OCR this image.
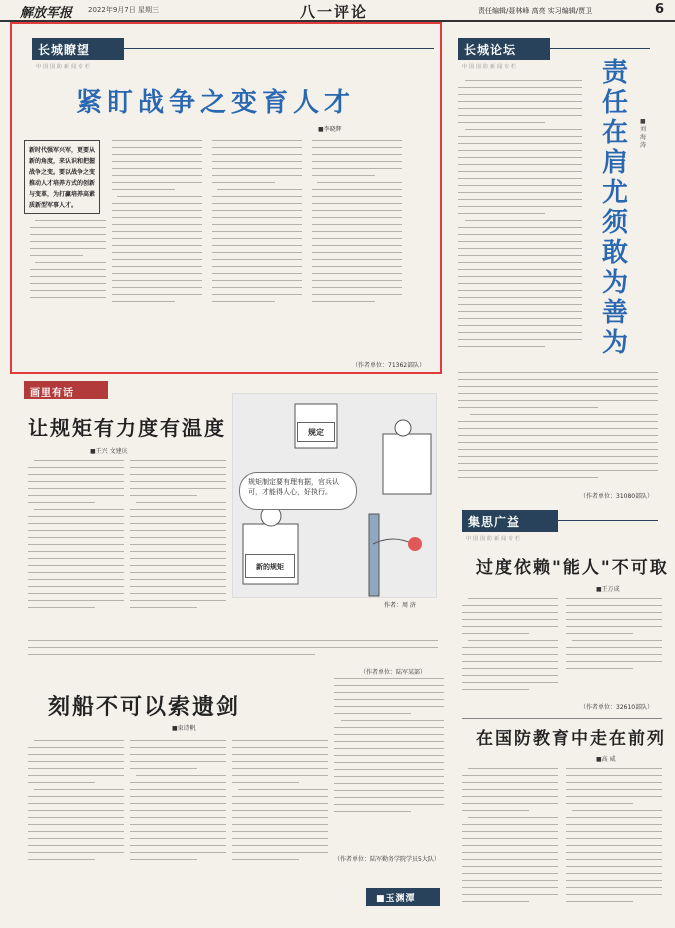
解放军报 2022年9月7日 星期三	八一评论	责任编辑/聂林峰 高亮 实习编辑/贾卫	6
长城瞭望
中国国防新闻专栏
紧盯战争之变育人才
■李晓辉
新时代强军兴军，更要从新的角度，来认识和把握战争之变。要以战争之变推动人才培养方式的创新与变革，为打赢培养高素质新型军事人才。
（作者单位：71362部队）
长城论坛
中国国防新闻专栏	责任在肩尤须敢为善为
■刘海涛
（作者单位：31080部队）
画里有话
让规矩有力度有温度
■王兴 文建庆
规定
新的规矩
规矩制定要有理有据，官兵认可，才能得人心，好执行。
作者：周 济
（作者单位：陆军某部）
集思广益
中国国防新闻专栏
过度依赖"能人"不可取
■王万成
（作者单位：32610部队）
刻船不可以索遗剑
■束诗帆
（作者单位：陆军勤务学院学员5大队）
■玉渊潭
在国防教育中走在前列
■高 威
